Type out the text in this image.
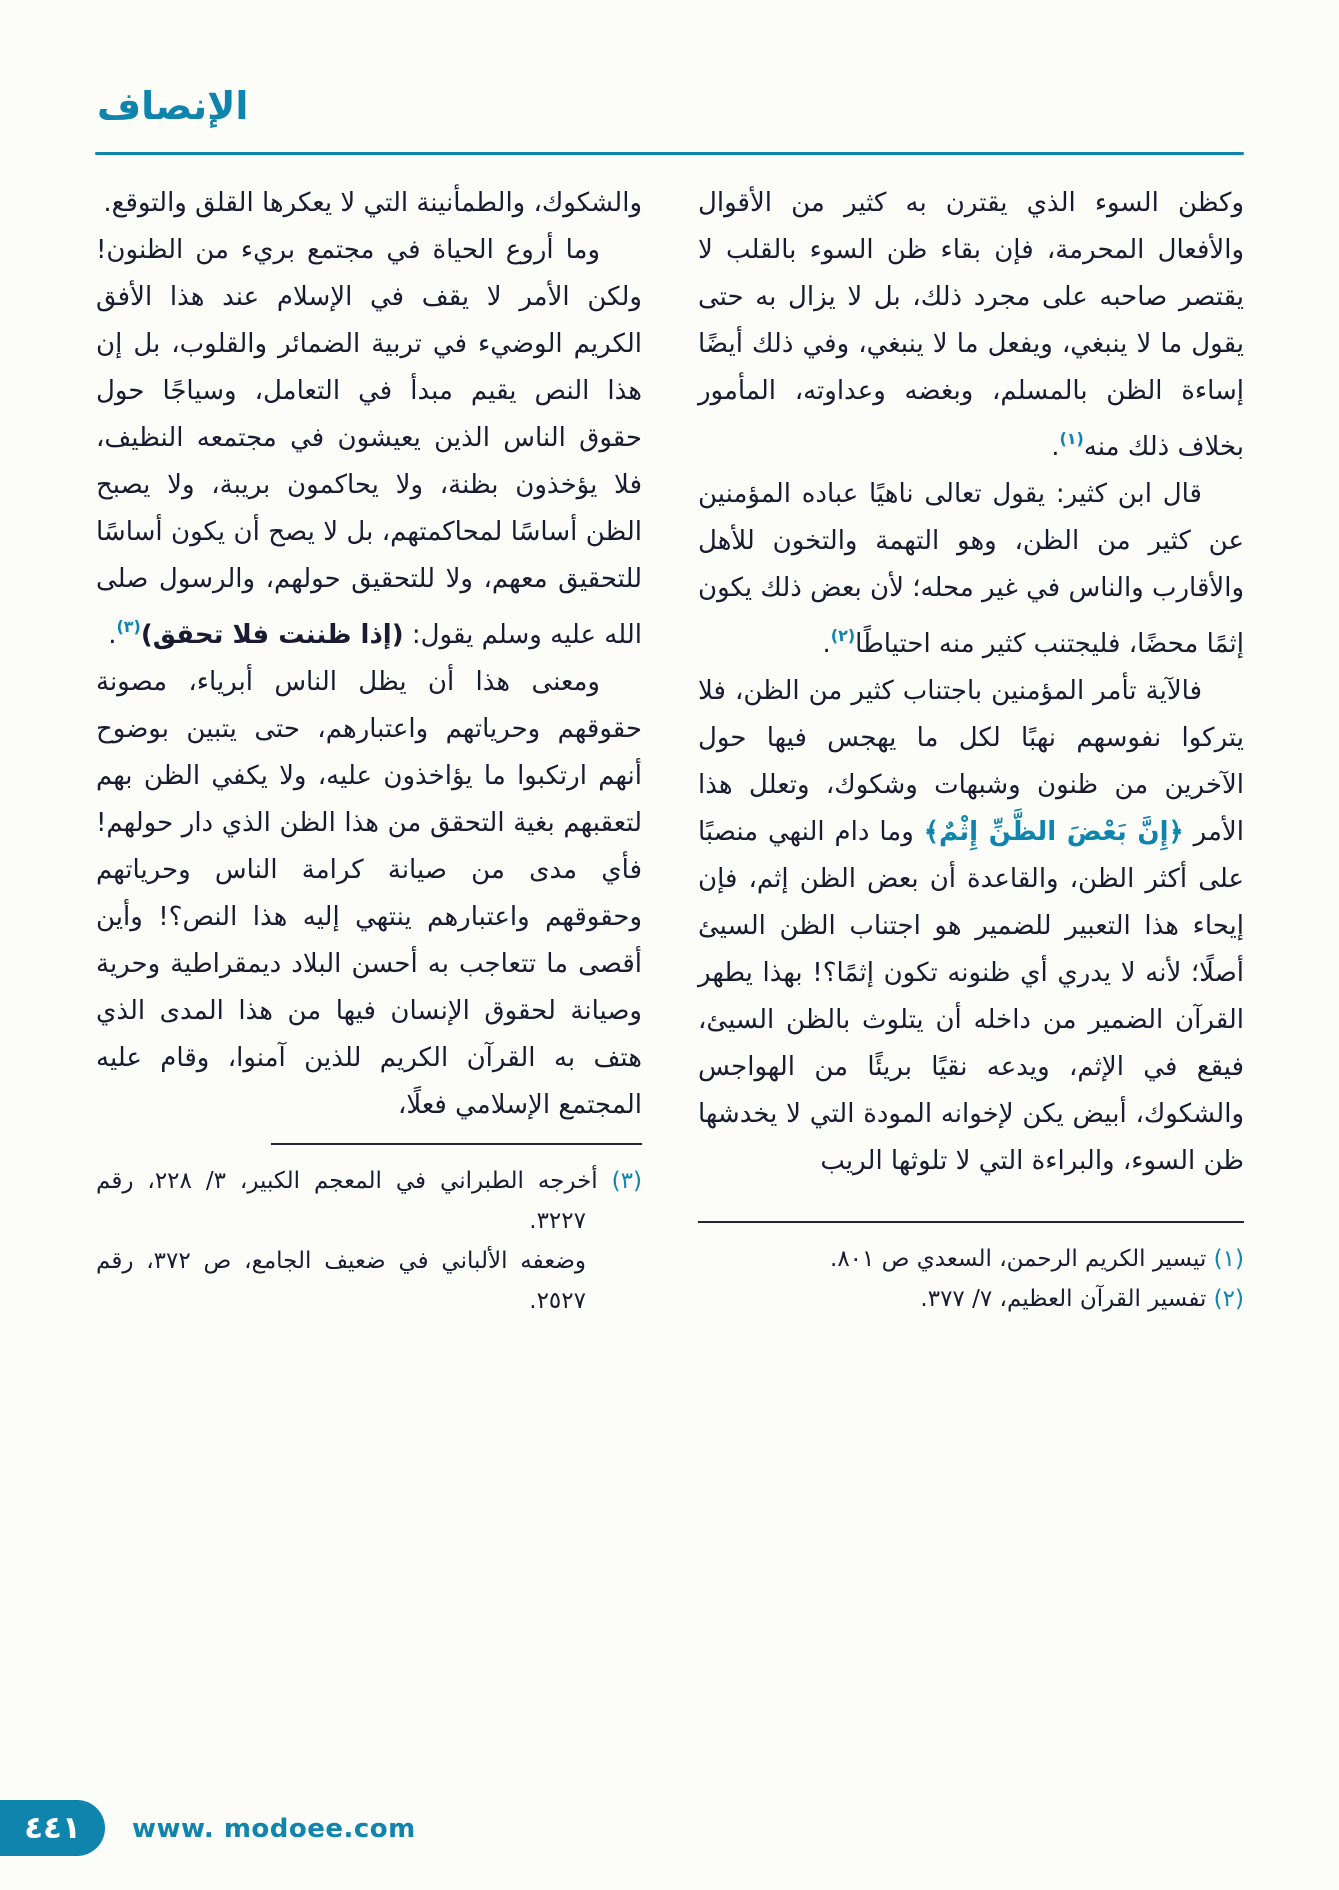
الإنصاف

وكظن السوء الذي يقترن به كثير من الأقوال والأفعال المحرمة، فإن بقاء ظن السوء بالقلب لا يقتصر صاحبه على مجرد ذلك، بل لا يزال به حتى يقول ما لا ينبغي، ويفعل ما لا ينبغي، وفي ذلك أيضًا إساءة الظن بالمسلم، وبغضه وعداوته، المأمور بخلاف ذلك منه$^{(١)}$.

قال ابن كثير: يقول تعالى ناهيًا عباده المؤمنين عن كثير من الظن، وهو التهمة والتخون للأهل والأقارب والناس في غير محله؛ لأن بعض ذلك يكون إثمًا محضًا، فليجتنب كثير منه احتياطًا$^{(٢)}$.

فالآية تأمر المؤمنين باجتناب كثير من الظن، فلا يتركوا نفوسهم نهبًا لكل ما يهجس فيها حول الآخرين من ظنون وشبهات وشكوك، وتعلل هذا الأمر ﴿إِنَّ بَعْضَ الظَّنِّ إِثْمٌ﴾ وما دام النهي منصبًا على أكثر الظن، والقاعدة أن بعض الظن إثم، فإن إيحاء هذا التعبير للضمير هو اجتناب الظن السيئ أصلًا؛ لأنه لا يدري أي ظنونه تكون إثمًا؟! بهذا يطهر القرآن الضمير من داخله أن يتلوث بالظن السيئ، فيقع في الإثم، ويدعه نقيًا بريئًا من الهواجس والشكوك، أبيض يكن لإخوانه المودة التي لا يخدشها ظن السوء، والبراءة التي لا تلوثها الريب

(١) تيسير الكريم الرحمن، السعدي ص ٨٠١.

(٢) تفسير القرآن العظيم، ٧/ ٣٧٧.

والشكوك، والطمأنينة التي لا يعكرها القلق والتوقع.

وما أروع الحياة في مجتمع بريء من الظنون! ولكن الأمر لا يقف في الإسلام عند هذا الأفق الكريم الوضيء في تربية الضمائر والقلوب، بل إن هذا النص يقيم مبدأ في التعامل، وسياجًا حول حقوق الناس الذين يعيشون في مجتمعه النظيف، فلا يؤخذون بظنة، ولا يحاكمون بريبة، ولا يصبح الظن أساسًا لمحاكمتهم، بل لا يصح أن يكون أساسًا للتحقيق معهم، ولا للتحقيق حولهم، والرسول صلى الله عليه وسلم يقول: (إذا ظننت فلا تحقق)$^{(٣)}$.

ومعنى هذا أن يظل الناس أبرياء، مصونة حقوقهم وحرياتهم واعتبارهم، حتى يتبين بوضوح أنهم ارتكبوا ما يؤاخذون عليه، ولا يكفي الظن بهم لتعقبهم بغية التحقق من هذا الظن الذي دار حولهم! فأي مدى من صيانة كرامة الناس وحرياتهم وحقوقهم واعتبارهم ينتهي إليه هذا النص؟! وأين أقصى ما تتعاجب به أحسن البلاد ديمقراطية وحرية وصيانة لحقوق الإنسان فيها من هذا المدى الذي هتف به القرآن الكريم للذين آمنوا، وقام عليه المجتمع الإسلامي فعلًا،

(٣) أخرجه الطبراني في المعجم الكبير، ٣/ ٢٢٨، رقم ٣٢٢٧.

وضعفه الألباني في ضعيف الجامع، ص ٣٧٢، رقم ٢٥٢٧.

٤٤١ www. modoee.com
